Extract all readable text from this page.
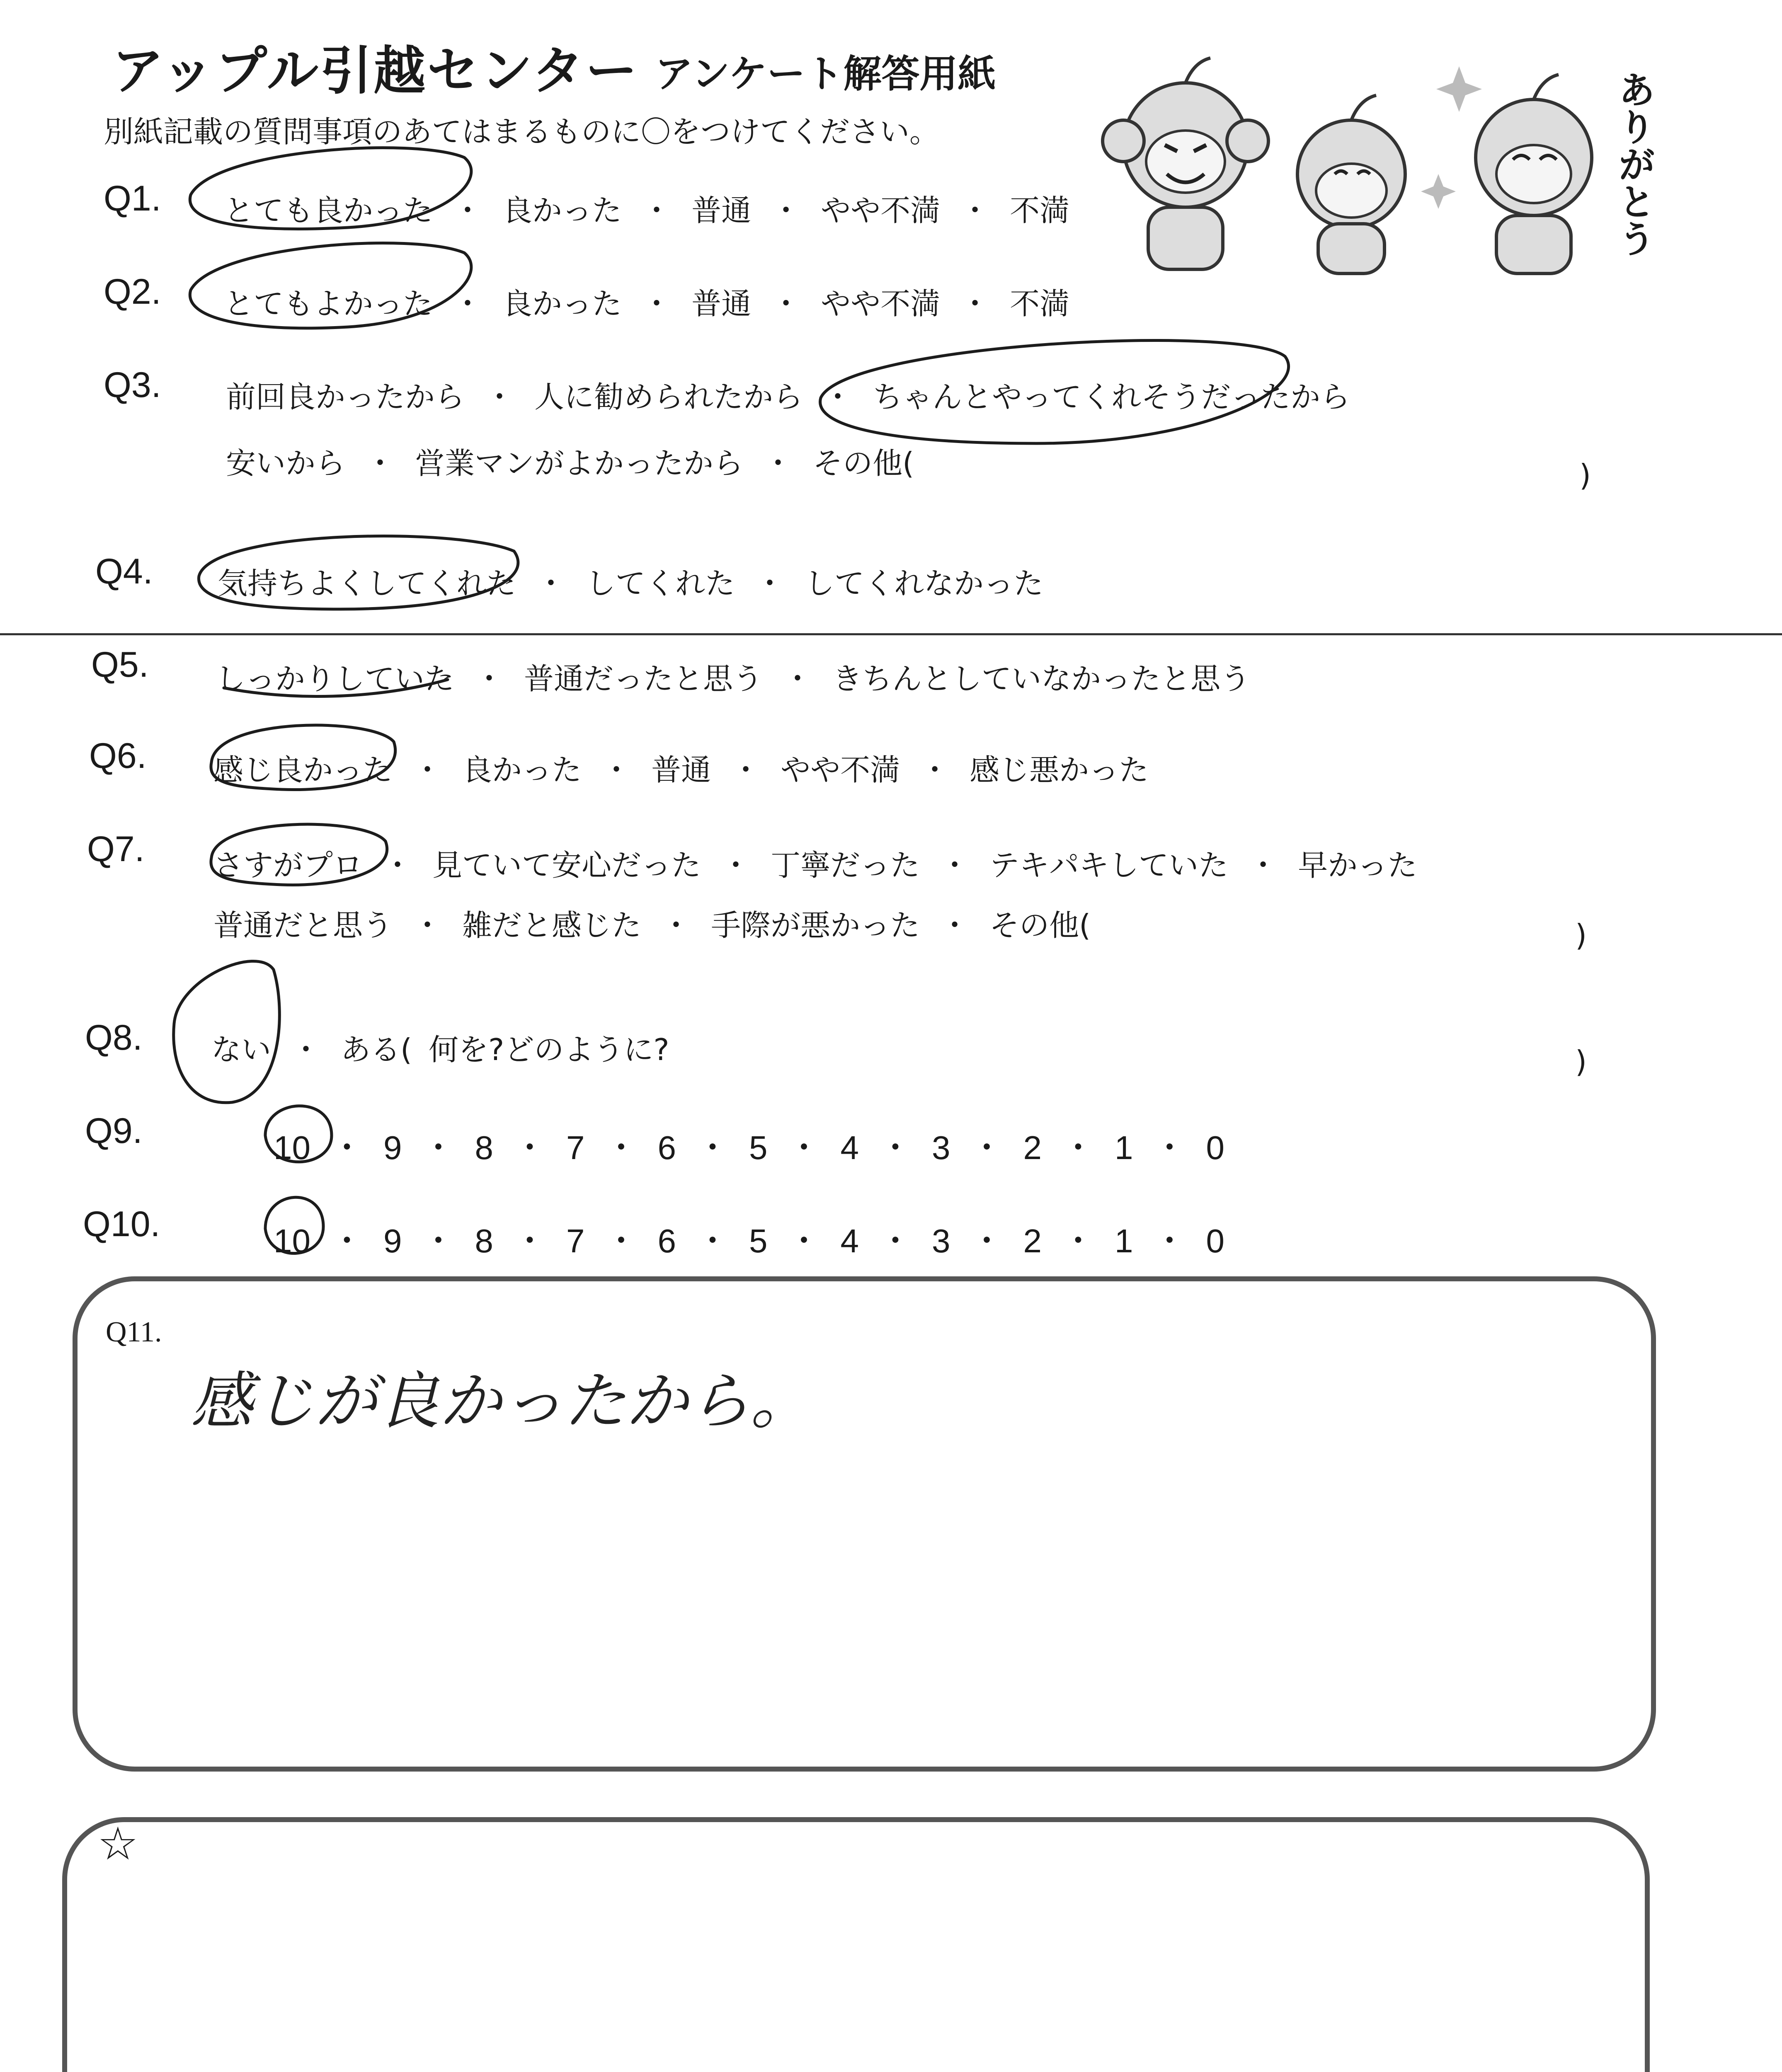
アップル引越センター アンケート解答用紙
別紙記載の質問事項のあてはまるものに〇をつけてください。	ありがとう
Q1. とても良かった ・ 良かった ・ 普通 ・ やや不満 ・ 不満
Q2. とてもよかった ・ 良かった ・ 普通 ・ やや不満 ・ 不満
Q3. 前回良かったから ・ 人に勧められたから ・ ちゃんとやってくれそうだったから
安いから ・ 営業マンがよかったから ・ その他(	)
Q4. 気持ちよくしてくれた ・ してくれた ・ してくれなかった
Q5. しっかりしていた ・ 普通だったと思う ・ きちんとしていなかったと思う
Q6. 感じ良かった ・ 良かった ・ 普通 ・ やや不満 ・ 感じ悪かった
Q7. さすがプロ ・ 見ていて安心だった ・ 丁寧だった ・ テキパキしていた ・ 早かった
普通だと思う ・ 雑だと感じた ・ 手際が悪かった ・ その他(	)
Q8. ない ・ ある( 何を?どのように?	)
Q9.	10 ・ 9 ・ 8 ・ 7 ・ 6 ・ 5 ・ 4 ・ 3 ・ 2 ・ 1 ・ 0
Q10.	10 ・ 9 ・ 8 ・ 7 ・ 6 ・ 5 ・ 4 ・ 3 ・ 2 ・ 1 ・ 0
Q11.
感じが良かったから。
☆
